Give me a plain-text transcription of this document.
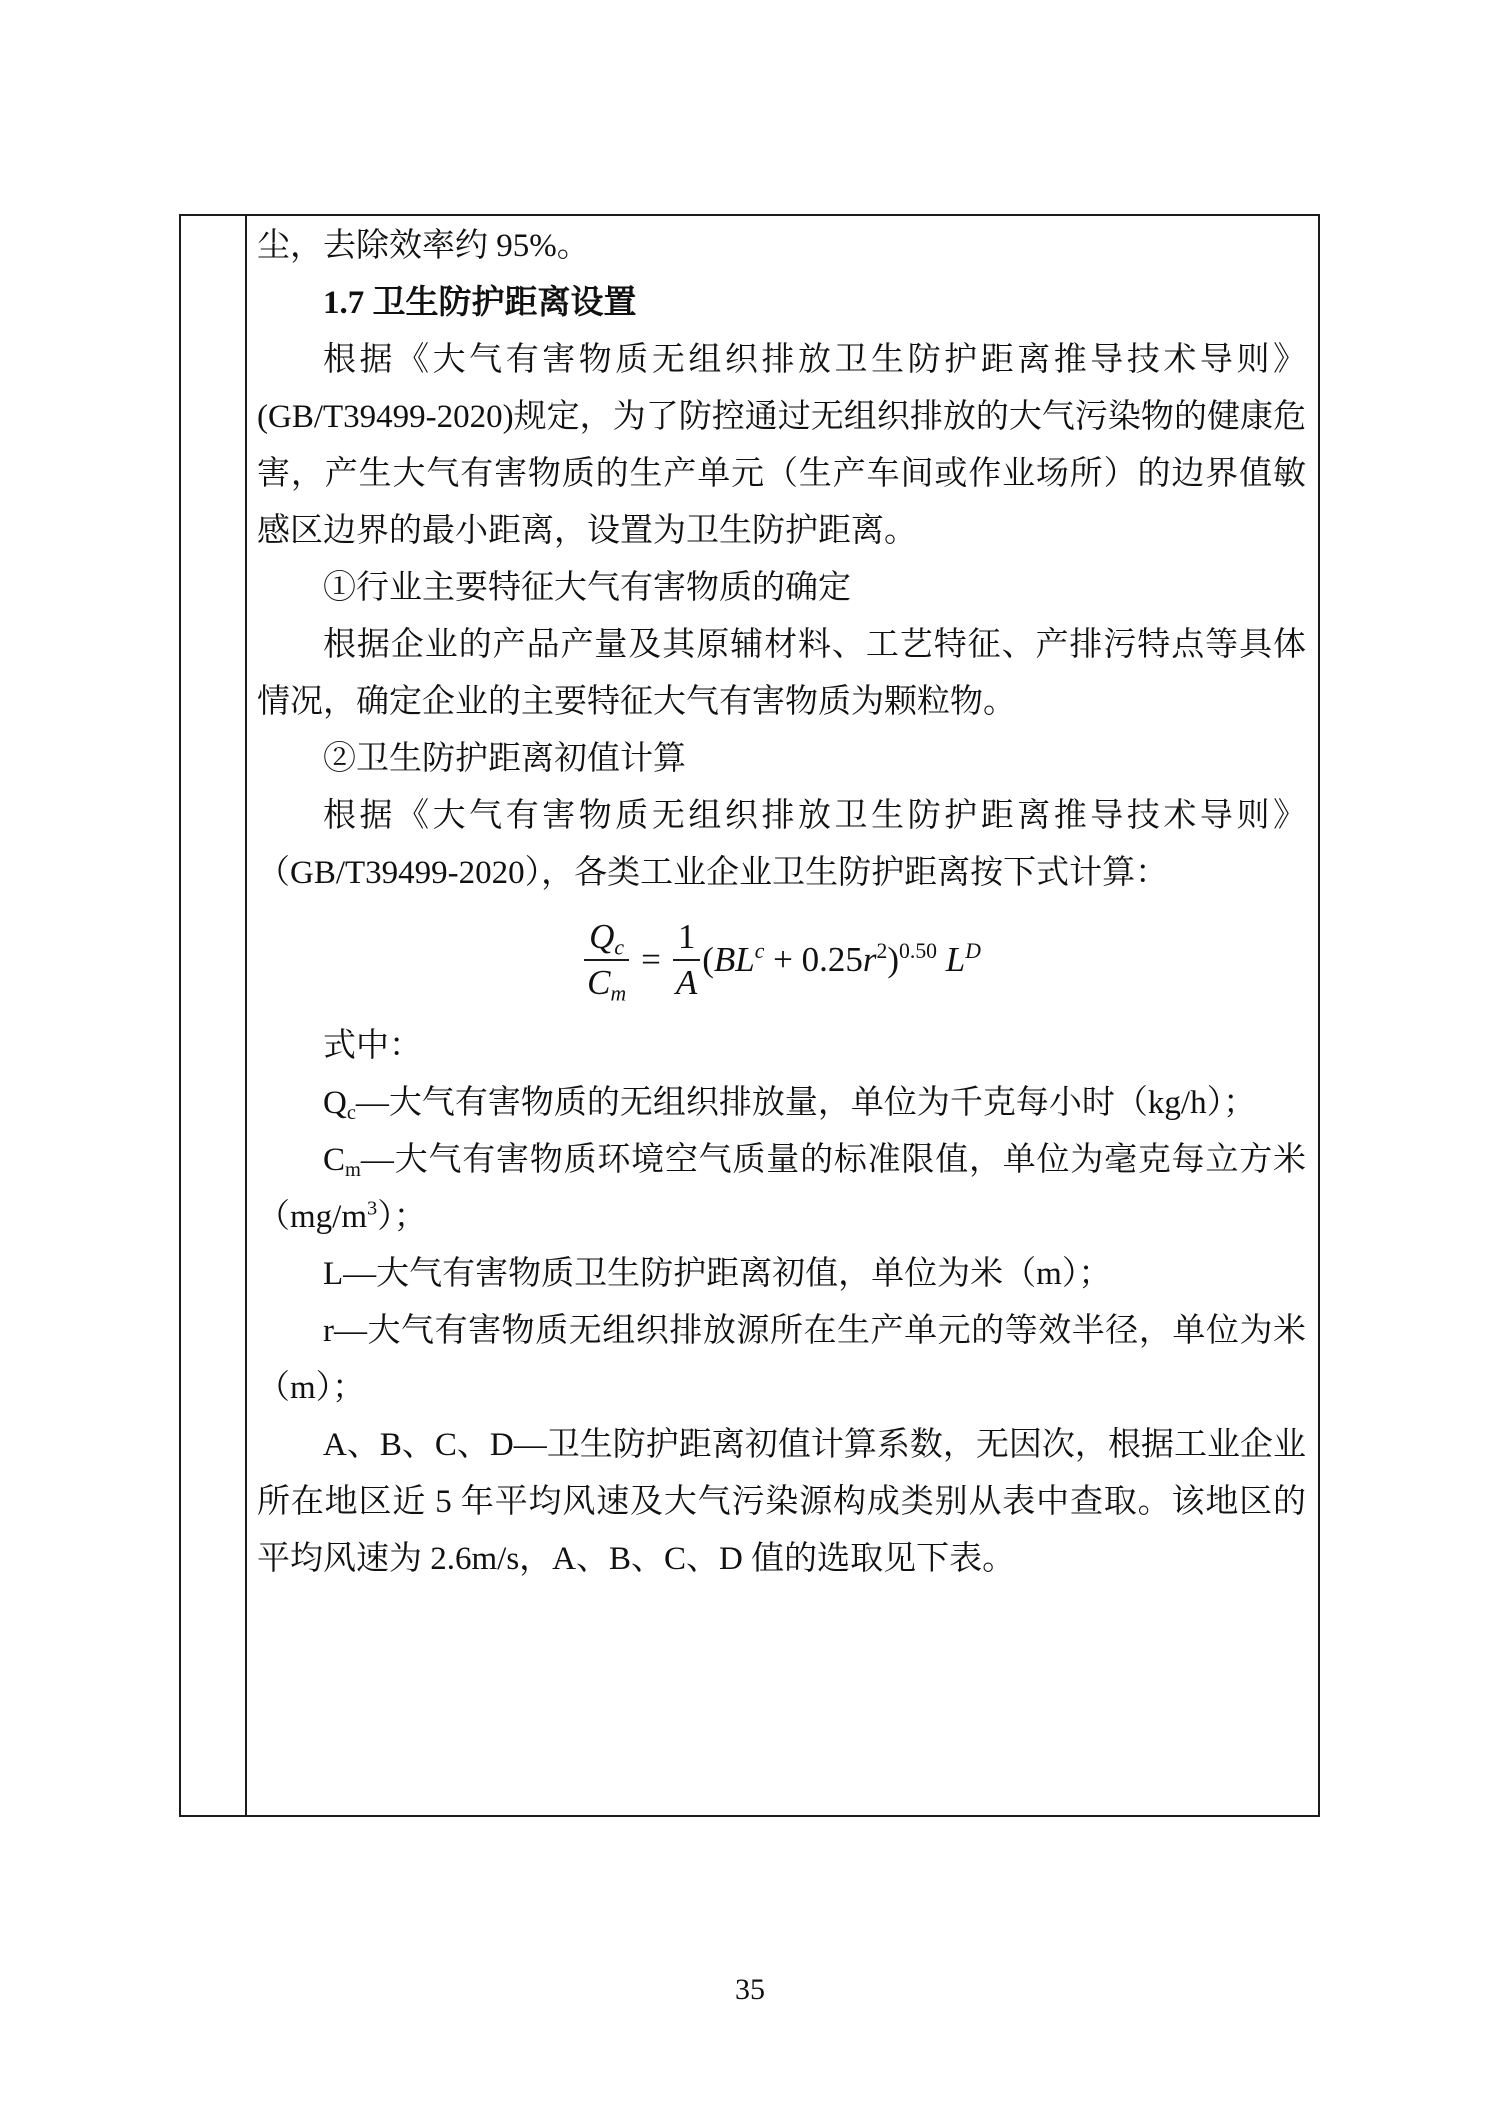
尘，去除效率约 95%。

1.7 卫生防护距离设置

根据《大气有害物质无组织排放卫生防护距离推导技术导则》(GB/T39499-2020)规定，为了防控通过无组织排放的大气污染物的健康危害，产生大气有害物质的生产单元（生产车间或作业场所）的边界值敏感区边界的最小距离，设置为卫生防护距离。

①行业主要特征大气有害物质的确定

根据企业的产品产量及其原辅材料、工艺特征、产排污特点等具体情况，确定企业的主要特征大气有害物质为颗粒物。

②卫生防护距离初值计算

根据《大气有害物质无组织排放卫生防护距离推导技术导则》（GB/T39499-2020），各类工业企业卫生防护距离按下式计算：

$\frac{Qc}{Cm} = \frac{1}{A} (BL^c + 0.25r^2)^{0.50}$ $L^D$

式中：

Qc—大气有害物质的无组织排放量，单位为千克每小时（kg/h）；

Cm—大气有害物质环境空气质量的标准限值，单位为毫克每立方米$(mg/m^3)$；

L—大气有害物质卫生防护距离初值，单位为米（m）；

r—大气有害物质无组织排放源所在生产单元的等效半径，单位为米（m）；

A、B、C、D—卫生防护距离初值计算系数，无因次，根据工业企业所在地区近 5 年平均风速及大气污染源构成类别从表中查取。该地区的平均风速为 2.6m/s，A、B、C、D 值的选取见下表。

35
